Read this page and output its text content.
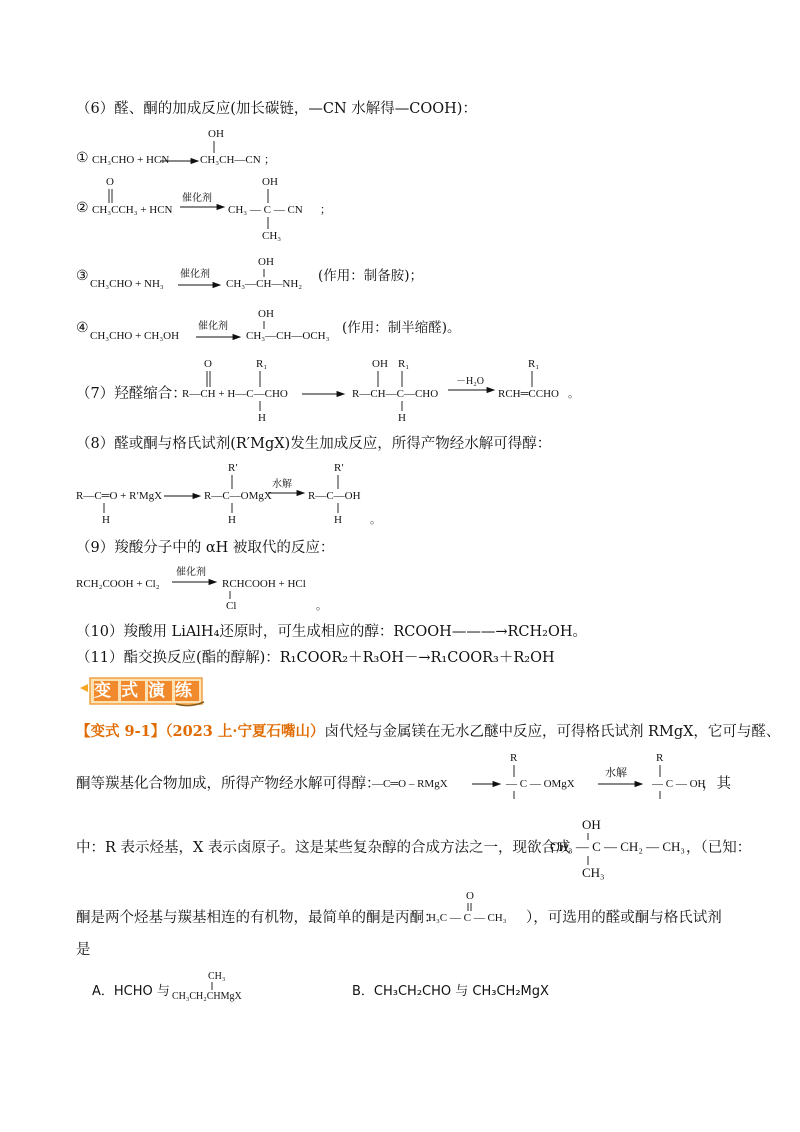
（6）醛、酮的加成反应(加长碳链，—CN 水解得—COOH)：
OH
① CH₃CHO + HCN	CH₃CH—CN ；
O	OH
②
催化剂
CH₃CCH₃ + HCN	CH₃ — C — CN ；
CH₃
OH
③	催化剂
CH₃CHO + NH₃	CH₃—CH—NH₂ (作用：制备胺)；
OH
④	催化剂
CH₃CHO + CH₃OH	CH₃—CH—OCH₃ (作用：制半缩醛)。
O	R₁	OH R₁	R₁
（7）羟醛缩合：
R—CH + H—C—CHO	R—CH—C—CHO
－H₂O
RCH═CCHO 。
H	H
（8）醛或酮与格氏试剂(R′MgX)发生加成反应，所得产物经水解可得醇：
R′	R′
水解
R—C═O + R′MgX	R—C—OMgX	R—C—OH
H	H	H	。
（9）羧酸分子中的 αH 被取代的反应：
催化剂
RCH₂COOH + Cl₂	RCHCOOH + HCl
Cl	。
（10）羧酸用 LiAlH₄还原时，可生成相应的醇：RCOOH———→RCH₂OH。
（11）酯交换反应(酯的醇解)：R₁COOR₂＋R₃OH－→R₁COOR₃＋R₂OH
变式演练
【变式 9-1】（2023 上·宁夏石嘴山）卤代烃与金属镁在无水乙醚中反应，可得格氏试剂 RMgX，它可与醛、
R	R
酮等羰基化合物加成，所得产物经水解可得醇：
—C═O – RMgX	— C — OMgX
水解
— C — OH
，其
OH
中：R 表示烃基，X 表示卤原子。这是某些复杂醇的合成方法之一，现欲合成
CH₃ — C — CH₂ — CH₃ ，（已知：
CH₃
O
酮是两个烃基与羰基相连的有机物，最简单的酮是丙酮：
H₃C — C — CH₃ ），可选用的醛或酮与格氏试剂
是
A．HCHO 与
CH₃
CH₃CH₂CHMgX	B．CH₃CH₂CHO 与 CH₃CH₂MgX
